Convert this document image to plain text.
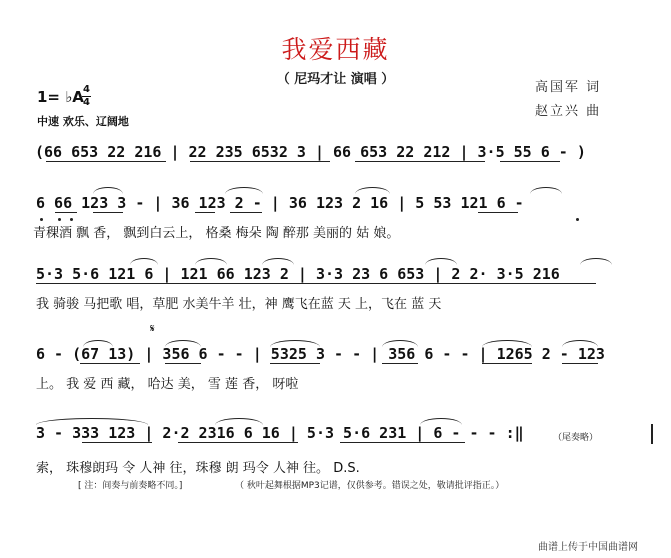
我爱西藏
（ 尼玛才让 演唱 ）
高国军 词
赵立兴 曲
1= ♭A 4
4
中速 欢乐、辽阔地
(66 653 22 216 | 22 235 6532 3 | 66 653 22 212 | 3·5 55 6 - )
6 66 123 3 - | 36 123 2 - | 36 123 2 16 | 5 53 121 6 -
青稞酒 飘 香， 飘到白云上， 格桑 梅朵 陶 醉那 美丽的 姑 娘。
5·3 5·6 121 6 | 121 66 123 2 | 3·3 23 6 653 | 2 2· 3·5 216
我 骑骏 马把歌 唱，草肥 水美牛羊 壮，神 鹰飞在蓝 天 上，飞在 蓝 天
𝄋
6 - (67 13) | 356 6 - - | 5325 3 - - | 356 6 - - | 1265 2 - 123
上。 我 爱 西 藏， 哈达 美， 雪 莲 香， 呀啦
3 - 333 123 | 2·2 2316 6 16 | 5·3 5·6 231 | 6 - - - :‖	（尾奏略）
索， 珠穆朗玛 令 人神 往，珠穆 朗 玛令 人神 往。 D.S.
[ 注：间奏与前奏略不同。]	（ 秋叶起舞根据MP3记谱，仅供参考。错误之处，敬请批评指正。）
曲谱上传于中国曲谱网
